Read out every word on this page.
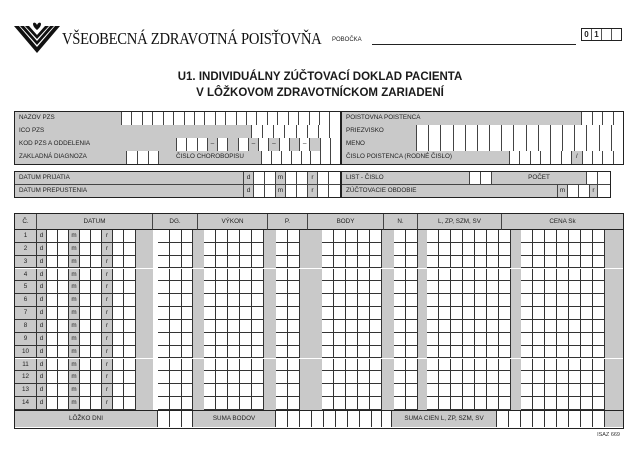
VŠEOBECNÁ ZDRAVOTNÁ POISŤOVŇA POBOČKA
0 1
U1. INDIVIDUÁLNY ZÚČTOVACÍ DOKLAD PACIENTA
V LÔŽKOVOM ZDRAVOTNÍCKOM ZARIADENÍ
NAZOV PZS
ICO PZS
KOD PZS A ODDELENIA	–	–	–	–
ZAKLADNÁ DIAGNOZA	ČISLO CHOROBOPISU
POISTOVNA POISTENCA
PRIEZVISKO
MENO
ČISLO POISTENCA (RODNÉ ČISLO)	/
DATUM PRIJATIA	d	m	r
DATUM PREPUSTENIA	d	m	r
LIST - ČISLO	POČET
ZÚČTOVACIE OBDOBIE	m	r
Č.	DATUM	DG.	VÝKON	P.	BODY	N.	L, ZP, SZM, SV	CENA Sk
1	d	m	r
2	d	m	r
3	d	m	r
4	d	m	r
5	d	m	r
6	d	m	r
7	d	m	r
8	d	m	r
9	d	m	r
10	d	m	r
11	d	m	r
12	d	m	r
13	d	m	r
14	d	m	r
LÔŽKO DNI	SUMA BODOV	SUMA CIEN L, ZP, SZM, SV
ISAZ 669
